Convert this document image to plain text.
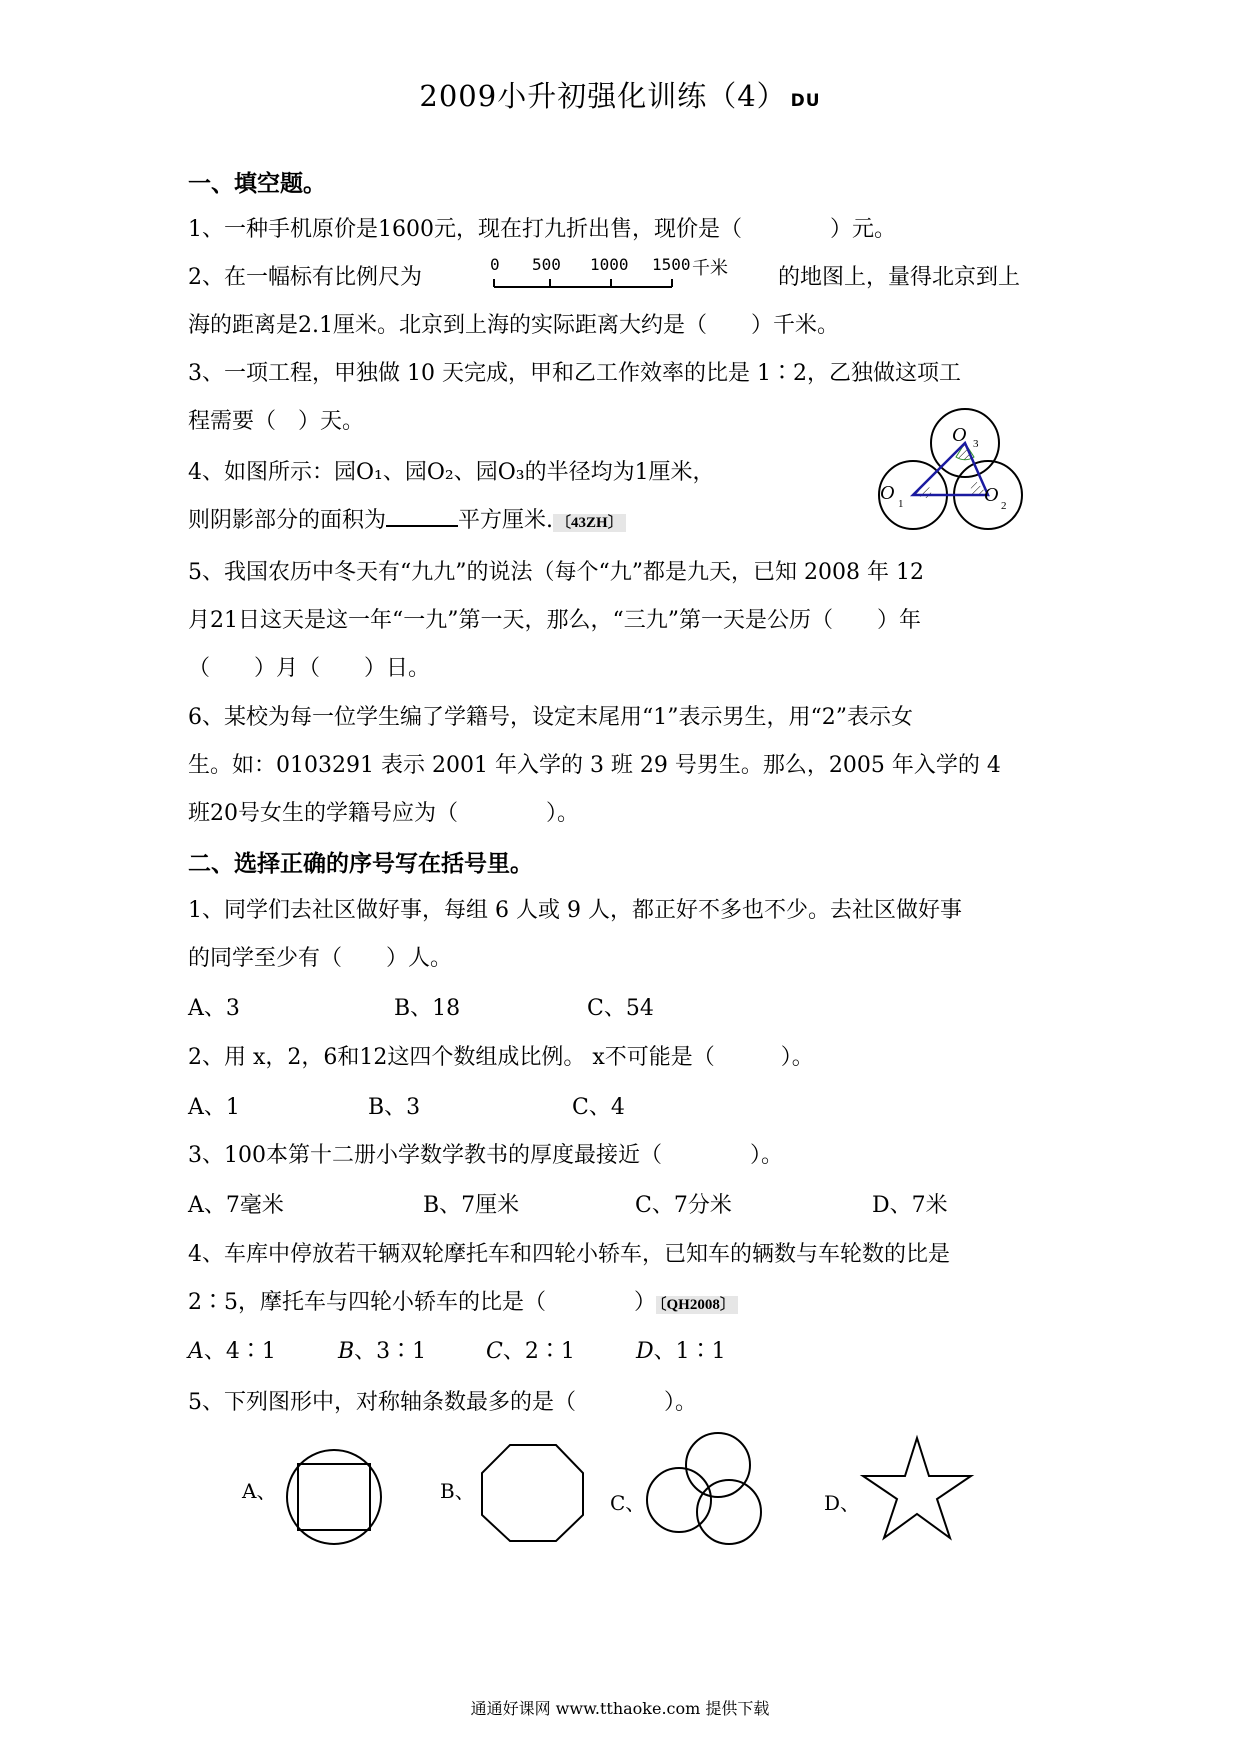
2009小升初强化训练（4） DU
一、填空题。
1、一种手机原价是1600元，现在打九折出售，现价是（　　　　）元。
2、在一幅标有比例尺为
0 500 1000 1500 千米 的地图上，量得北京到上
海的距离是2.1厘米。北京到上海的实际距离大约是（　　）千米。
3、一项工程，甲独做 10 天完成，甲和乙工作效率的比是 1∶2，乙独做这项工
程需要（　）天。
4、如图所示：园O₁、园O₂、园O₃的半径均为1厘米，
则阴影部分的面积为	平方厘米. 〔43ZH〕
O 3
O 1	O 2
5、我国农历中冬天有“九九”的说法（每个“九”都是九天，已知 2008 年 12
月21日这天是这一年“一九”第一天，那么，“三九”第一天是公历（　　）年
（　　）月（　　）日。
6、某校为每一位学生编了学籍号，设定末尾用“1”表示男生，用“2”表示女
生。如：0103291 表示 2001 年入学的 3 班 29 号男生。那么，2005 年入学的 4
班20号女生的学籍号应为（　　　　）。
二、选择正确的序号写在括号里。
1、同学们去社区做好事，每组 6 人或 9 人，都正好不多也不少。去社区做好事
的同学至少有（　　）人。
A、3	B、18	C、54
2、用 x，2，6和12这四个数组成比例。 x不可能是（　　　）。
A、1	B、3	C、4
3、100本第十二册小学数学教书的厚度最接近（　　　　）。
A、7毫米	B、7厘米	C、7分米	D、7米
4、车库中停放若干辆双轮摩托车和四轮小轿车，已知车的辆数与车轮数的比是
2∶5，摩托车与四轮小轿车的比是（　　　　） 〔QH2008〕
A、4∶1	B、3∶1	C、2∶1	D、1∶1
5、下列图形中，对称轴条数最多的是（　　　　）。
A、	B、	C、	D、
通通好课网 www.tthaoke.com 提供下载
